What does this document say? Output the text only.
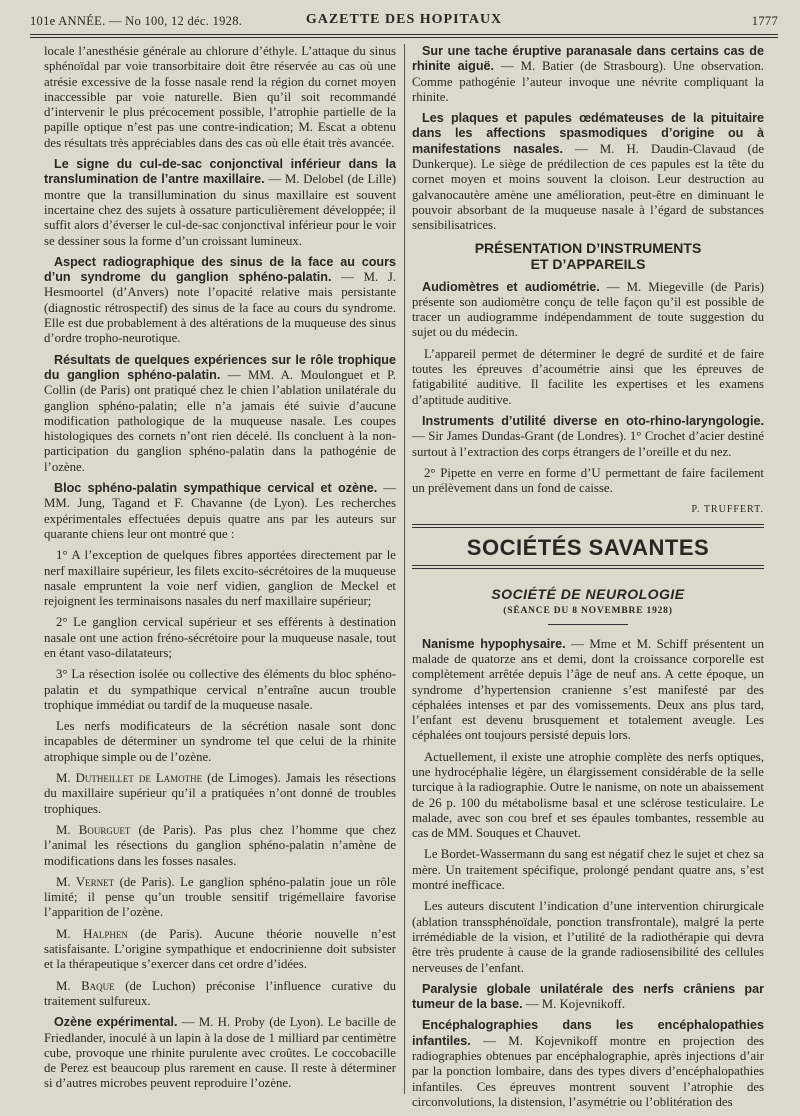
101e ANNÉE. — No 100, 12 déc. 1928.	GAZETTE DES HOPITAUX	1777

locale l’anesthésie générale au chlorure d’éthyle. L’attaque du sinus sphénoïdal par voie transorbitaire doit être réservée au cas où une atrésie excessive de la fosse nasale rend la région du cornet moyen inaccessible par voie naturelle. Bien qu’il soit recommandé d’intervenir le plus précocement possible, l’atrophie partielle de la papille optique n’est pas une contre-indication; M. Escat a obtenu des résultats très appréciables dans des cas où elle était très avancée.

Le signe du cul-de-sac conjonctival inférieur dans la translumination de l’antre maxillaire. — M. Delobel (de Lille) montre que la transillumination du sinus maxillaire est souvent incertaine chez des sujets à ossature particulièrement développée; il suffit alors d’éverser le cul-de-sac conjonctival inférieur pour le voir se dessiner sous la forme d’un croissant lumineux.

Aspect radiographique des sinus de la face au cours d’un syndrome du ganglion sphéno-palatin. — M. J. Hesmoortel (d’Anvers) note l’opacité relative mais persistante (diagnostic rétrospectif) des sinus de la face au cours du syndrome. Elle est due probablement à des altérations de la muqueuse des sinus d’ordre tropho-neurotique.

Résultats de quelques expériences sur le rôle trophique du ganglion sphéno-palatin. — MM. A. Moulonguet et P. Collin (de Paris) ont pratiqué chez le chien l’ablation unilatérale du ganglion sphéno-palatin; elle n’a jamais été suivie d’aucune modification pathologique de la muqueuse nasale. Les coupes histologiques des cornets n’ont rien décelé. Ils concluent à la non-participation du ganglion sphéno-palatin dans la pathogénie de l’ozène.

Bloc sphéno-palatin sympathique cervical et ozène. — MM. Jung, Tagand et F. Chavanne (de Lyon). Les recherches expérimentales effectuées depuis quatre ans par les auteurs sur quarante chiens leur ont montré que :

1° A l’exception de quelques fibres apportées directement par le nerf maxillaire supérieur, les filets excito-sécrétoires de la muqueuse nasale empruntent la voie nerf vidien, ganglion de Meckel et rejoignent les terminaisons nasales du nerf maxillaire supérieur;

2° Le ganglion cervical supérieur et ses efférents à destination nasale ont une action fréno-sécrétoire pour la muqueuse nasale, tout en étant vaso-dilatateurs;

3° La résection isolée ou collective des éléments du bloc sphéno-palatin et du sympathique cervical n’entraîne aucun trouble trophique immédiat ou tardif de la muqueuse nasale.

Les nerfs modificateurs de la sécrétion nasale sont donc incapables de déterminer un syndrome tel que celui de la rhinite atrophique simple ou de l’ozène.

M. Dutheillet de Lamothe (de Limoges). Jamais les résections du maxillaire supérieur qu’il a pratiquées n’ont donné de troubles trophiques.

M. Bourguet (de Paris). Pas plus chez l’homme que chez l’animal les résections du ganglion sphéno-palatin n’amène de modifications dans les fosses nasales.

M. Vernet (de Paris). Le ganglion sphéno-palatin joue un rôle limité; il pense qu’un trouble sensitif trigémellaire favorise l’apparition de l’ozène.

M. Halphen (de Paris). Aucune théorie nouvelle n’est satisfaisante. L’origine sympathique et endocrinienne doit subsister et la thérapeutique s’exercer dans cet ordre d’idées.

M. Baque (de Luchon) préconise l’influence curative du traitement sulfureux.

Ozène expérimental. — M. H. Proby (de Lyon). Le bacille de Friedlander, inoculé à un lapin à la dose de 1 milliard par centimètre cube, provoque une rhinite purulente avec croûtes. Le coccobacille de Perez est beaucoup plus rarement en cause. Il reste à déterminer si d’autres microbes peuvent reproduire l’ozène.

Sur une tache éruptive paranasale dans certains cas de rhinite aiguë. — M. Batier (de Strasbourg). Une observation. Comme pathogénie l’auteur invoque une névrite compliquant la rhinite.

Les plaques et papules œdémateuses de la pituitaire dans les affections spasmodiques d’origine ou à manifestations nasales. — M. H. Daudin-Clavaud (de Dunkerque). Le siège de prédilection de ces papules est la tête du cornet moyen et moins souvent la cloison. Leur destruction au galvanocautère amène une amélioration, peut-être en diminuant le pouvoir absorbant de la muqueuse nasale à l’égard de substances sensibilisatrices.

PRÉSENTATION D’INSTRUMENTS
ET D’APPAREILS

Audiomètres et audiométrie. — M. Miegeville (de Paris) présente son audiomètre conçu de telle façon qu’il est possible de tracer un audiogramme indépendamment de toute suggestion du sujet ou du médecin.

L’appareil permet de déterminer le degré de surdité et de faire toutes les épreuves d’acoumétrie ainsi que les épreuves de fatigabilité auditive. Il facilite les expertises et les examens d’aptitude auditive.

Instruments d’utilité diverse en oto-rhino-laryngologie. — Sir James Dundas-Grant (de Londres). 1° Crochet d’acier destiné surtout à l’extraction des corps étrangers de l’oreille et du nez.

2° Pipette en verre en forme d’U permettant de faire facilement un prélèvement dans un fond de caisse.

P. TRUFFERT.
SOCIÉTÉS SAVANTES
SOCIÉTÉ DE NEUROLOGIE
(SÉANCE DU 8 NOVEMBRE 1928)

Nanisme hypophysaire. — Mme et M. Schiff présentent un malade de quatorze ans et demi, dont la croissance corporelle est complètement arrêtée depuis l’âge de neuf ans. A cette époque, un syndrome d’hypertension cranienne s’est manifesté par des céphalées intenses et par des vomissements. Deux ans plus tard, l’enfant est devenu brusquement et totalement aveugle. Les céphalées ont toujours persisté depuis lors.

Actuellement, il existe une atrophie complète des nerfs optiques, une hydrocéphalie légère, un élargissement considérable de la selle turcique à la radiographie. Outre le nanisme, on note un abaissement de 26 p. 100 du métabolisme basal et une sclérose testiculaire. Le malade, avec son cou bref et ses épaules tombantes, ressemble au cas de MM. Souques et Chauvet.

Le Bordet-Wassermann du sang est négatif chez le sujet et chez sa mère. Un traitement spécifique, prolongé pendant quatre ans, s’est montré inefficace.

Les auteurs discutent l’indication d’une intervention chirurgicale (ablation transsphénoïdale, ponction transfrontale), malgré la perte irrémédiable de la vision, et l’utilité de la radiothérapie qui devra être très prudente à cause de la grande radiosensibilité des cellules nerveuses de l’enfant.

Paralysie globale unilatérale des nerfs crâniens par tumeur de la base. — M. Kojevnikoff.

Encéphalographies dans les encéphalopathies infantiles. — M. Kojevnikoff montre en projection des radiographies obtenues par encéphalographie, après injections d’air par la ponction lombaire, dans des types divers d’encéphalopathies infantiles. Ces épreuves montrent souvent l’atrophie des circonvolutions, la distension, l’asymétrie ou l’oblitération des
